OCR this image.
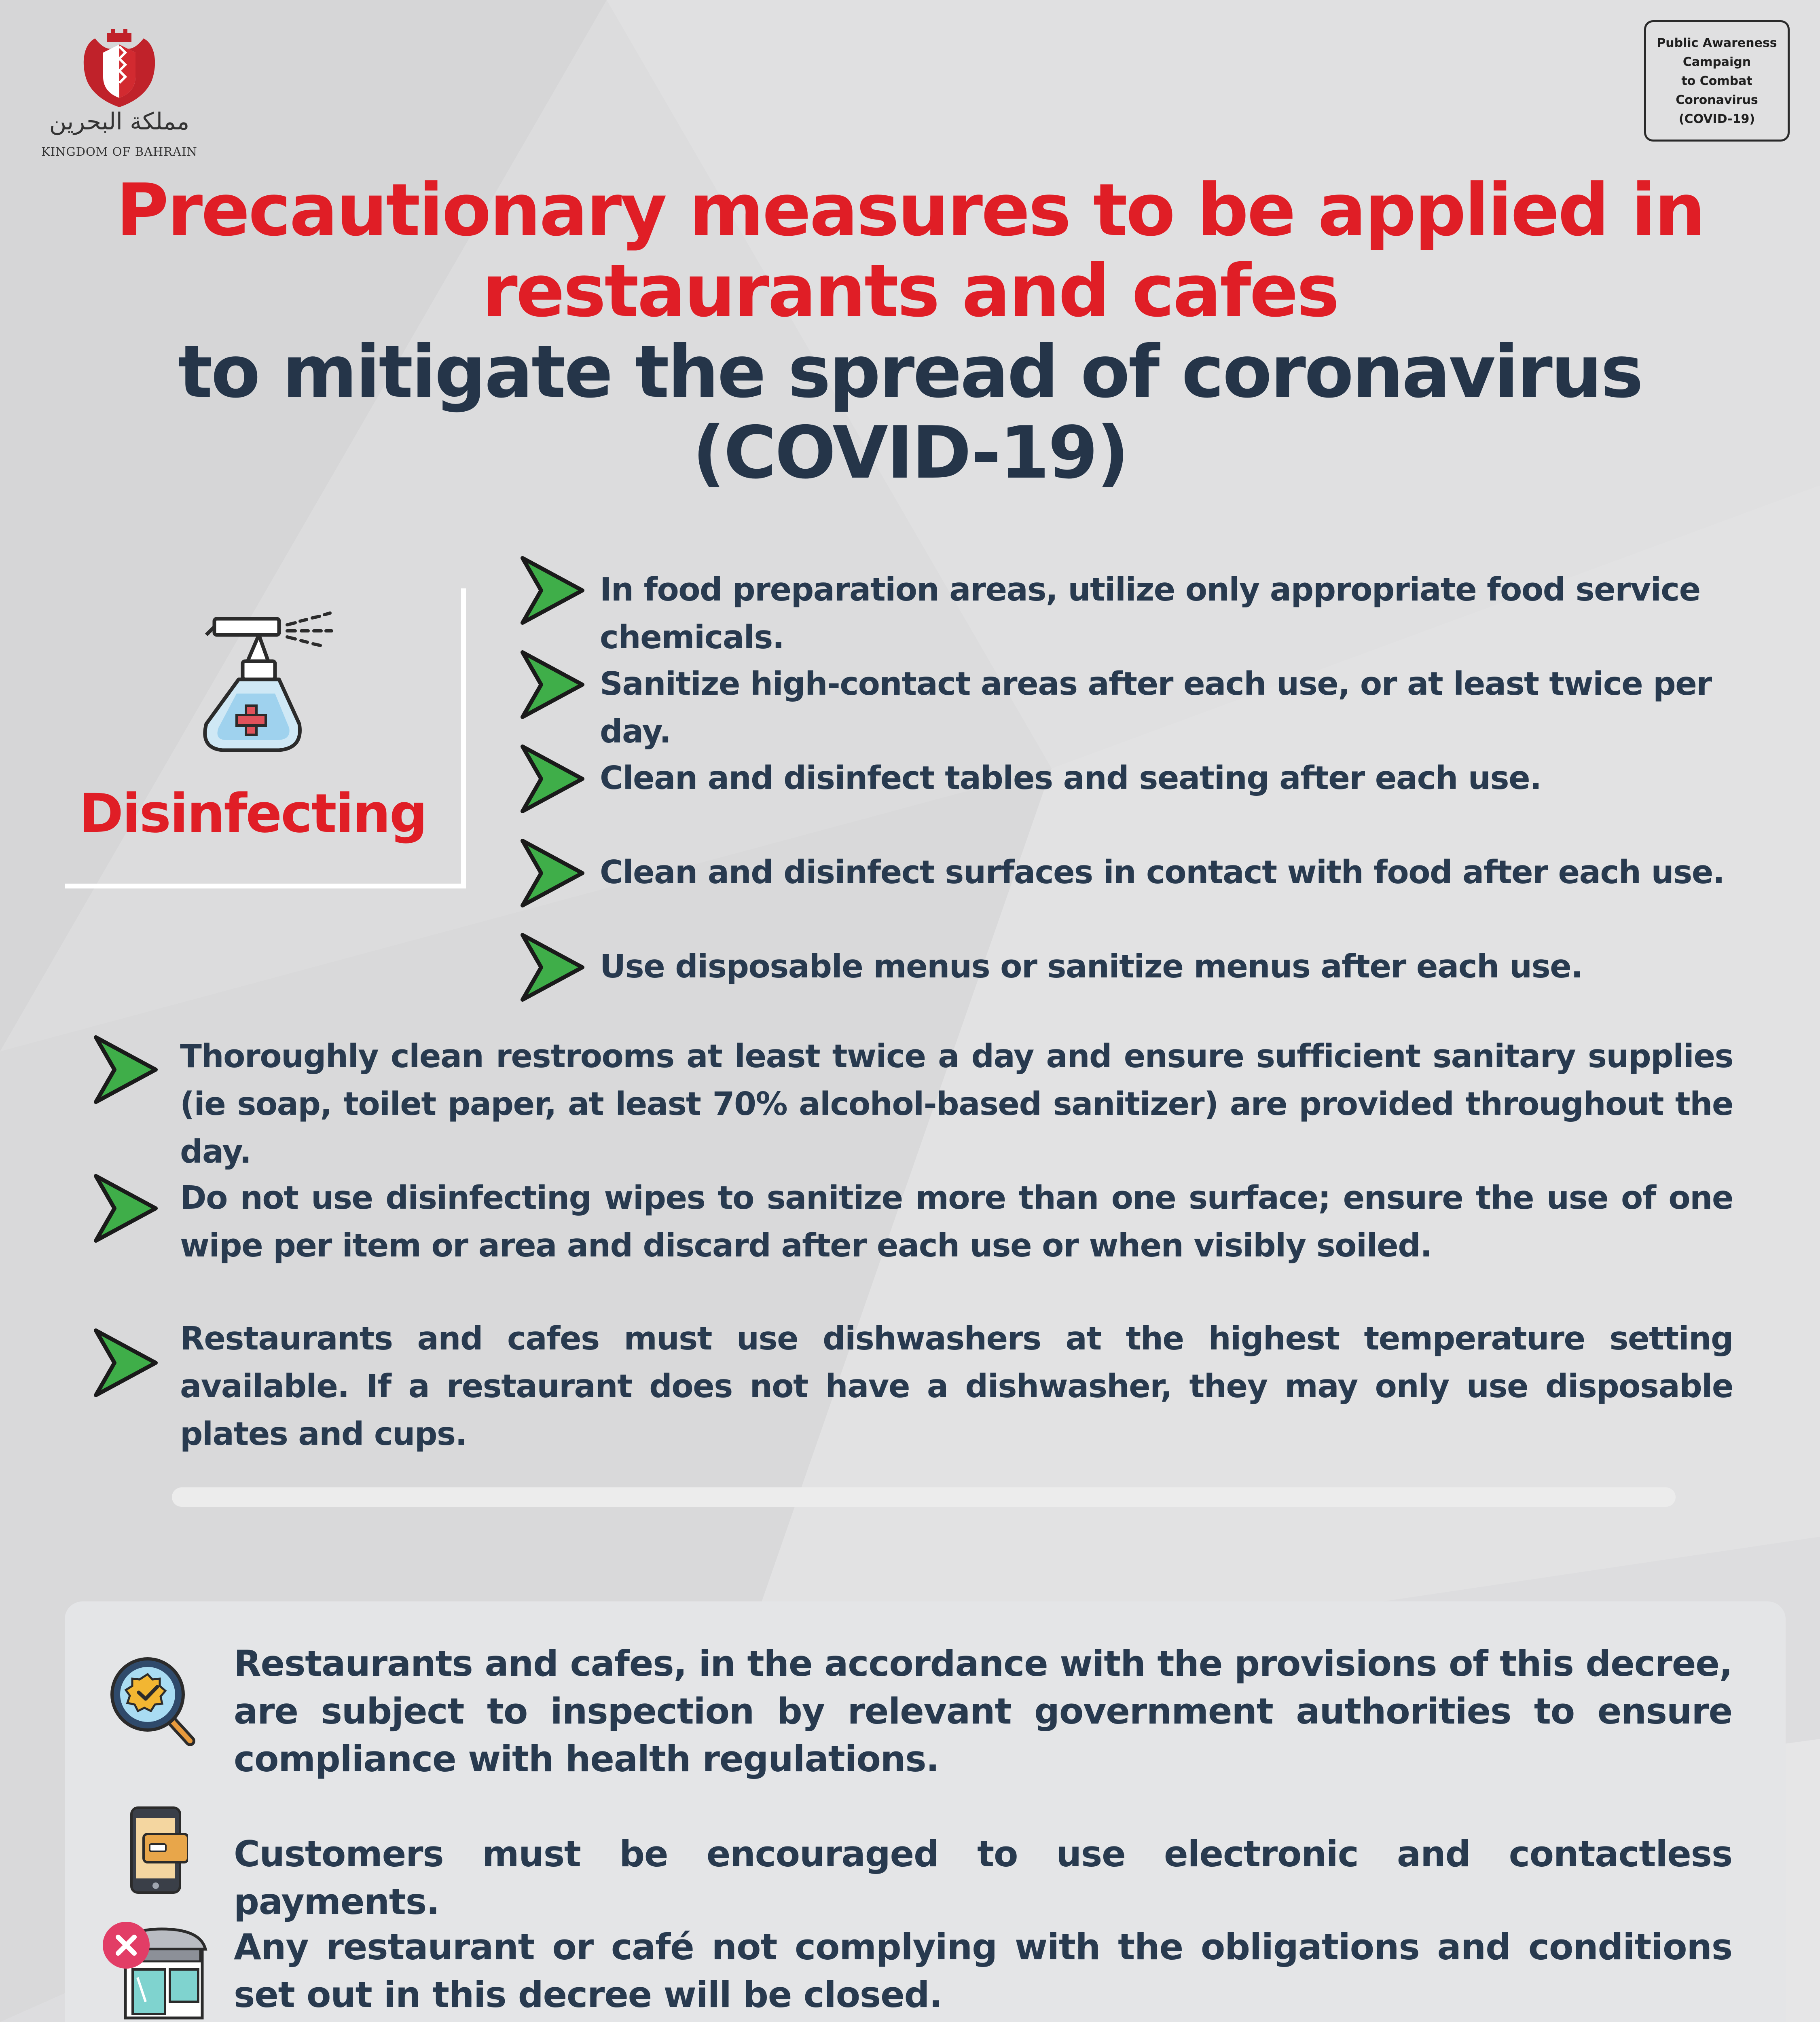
مملكة البحرين
KINGDOM OF BAHRAIN
Public Awareness
Campaign
to Combat
Coronavirus
(COVID-19)
Precautionary measures to be applied in
restaurants and cafes
to mitigate the spread of coronavirus
(COVID-19)
Disinfecting
In food preparation areas, utilize only appropriate food service chemicals.
Sanitize high-contact areas after each use, or at least twice per day.
Clean and disinfect tables and seating after each use.
Clean and disinfect surfaces in contact with food after each use.
Use disposable menus or sanitize menus after each use.
Thoroughly clean restrooms at least twice a day and ensure sufficient sanitary supplies (ie soap, toilet paper, at least 70% alcohol-based sanitizer) are provided throughout the day.
Do not use disinfecting wipes to sanitize more than one surface; ensure the use of one wipe per item or area and discard after each use or when visibly soiled.
Restaurants and cafes must use dishwashers at the highest temperature setting available. If a restaurant does not have a dishwasher, they may only use disposable plates and cups.
Restaurants and cafes, in the accordance with the provisions of this decree, are subject to inspection by relevant government authorities to ensure compliance with health regulations.
Customers must be encouraged to use electronic and contactless payments.
Any restaurant or café not complying with the obligations and conditions set out in this decree will be closed.
